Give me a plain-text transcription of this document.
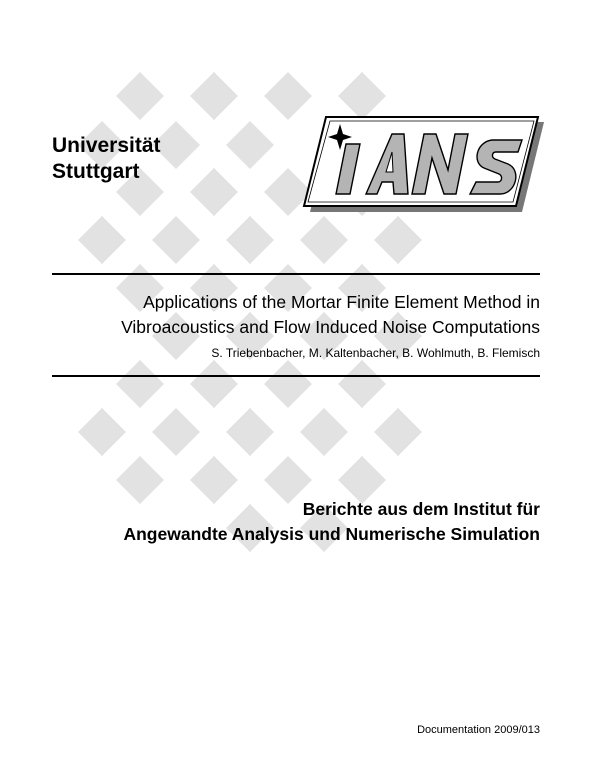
Universität
Stuttgart
Applications of the Mortar Finite Element Method in
Vibroacoustics and Flow Induced Noise Computations
S. Triebenbacher, M. Kaltenbacher, B. Wohlmuth, B. Flemisch
Berichte aus dem Institut für
Angewandte Analysis und Numerische Simulation
Documentation 2009/013
